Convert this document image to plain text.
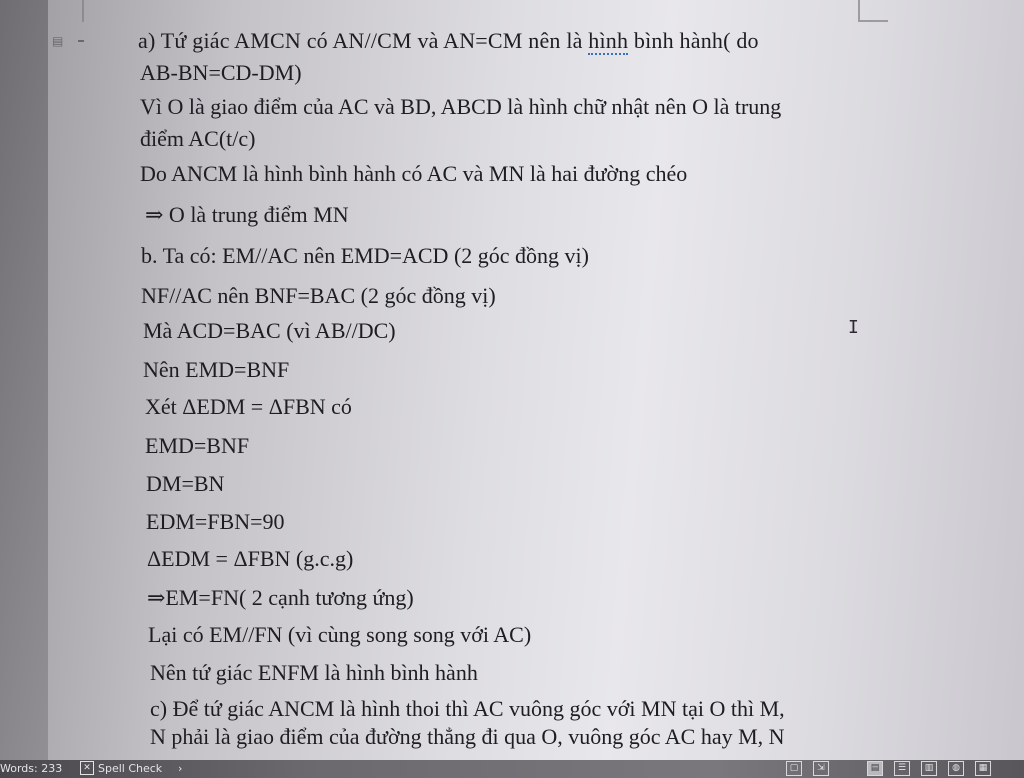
▤	a) Tứ giác AMCN có AN//CM và AN=CM nên là hình bình hành( do
AB-BN=CD-DM)
Vì O là giao điểm của AC và BD, ABCD là hình chữ nhật nên O là trung
điểm AC(t/c)
Do ANCM là hình bình hành có AC và MN là hai đường chéo
⇒ O là trung điểm MN
b. Ta có: EM//AC nên EMD=ACD (2 góc đồng vị)
NF//AC nên BNF=BAC (2 góc đồng vị)
Mà ACD=BAC (vì AB//DC)
Nên EMD=BNF
Xét ΔEDM = ΔFBN có
EMD=BNF
DM=BN
EDM=FBN=90
ΔEDM = ΔFBN (g.c.g)
⇒EM=FN( 2 cạnh tương ứng)
Lại có EM//FN (vì cùng song song với AC)
Nên tứ giác ENFM là hình bình hành
c) Để tứ giác ANCM là hình thoi thì AC vuông góc với MN tại O thì M,
N phải là giao điểm của đường thẳng đi qua O, vuông góc AC hay M, N
I
Words: 233	✕ Spell Check ›	▢	⇲	▤	☰	▥	◍	▦
